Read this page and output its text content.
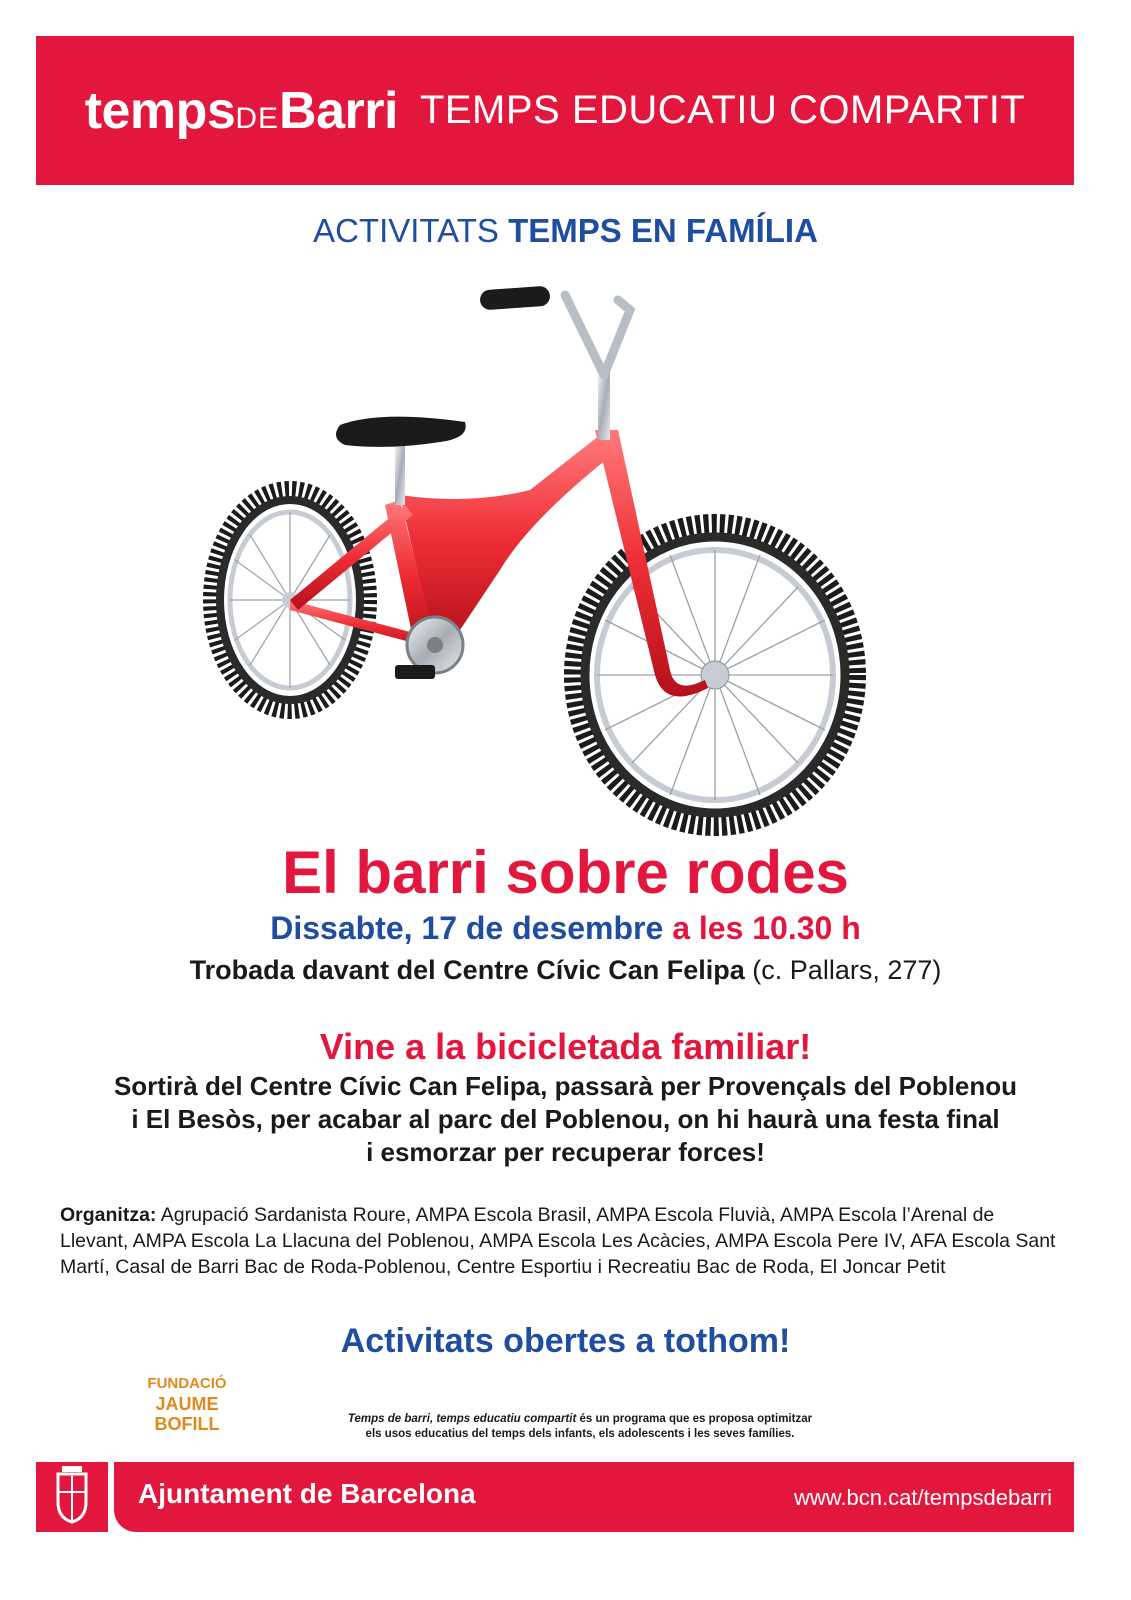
tempsDEBarri TEMPS EDUCATIU COMPARTIT
ACTIVITATS TEMPS EN FAMÍLIA
El barri sobre rodes
Dissabte, 17 de desembre a les 10.30 h
Trobada davant del Centre Cívic Can Felipa (c. Pallars, 277)
Vine a la bicicletada familiar!
Sortirà del Centre Cívic Can Felipa, passarà per Provençals del Poblenou
i El Besòs, per acabar al parc del Poblenou, on hi haurà una festa final
i esmorzar per recuperar forces!
Organitza: Agrupació Sardanista Roure, AMPA Escola Brasil, AMPA Escola Fluvià, AMPA Escola l’Arenal de Llevant, AMPA Escola La Llacuna del Poblenou, AMPA Escola Les Acàcies, AMPA Escola Pere IV, AFA Escola Sant Martí, Casal de Barri Bac de Roda-Poblenou, Centre Esportiu i Recreatiu Bac de Roda, El Joncar Petit
Activitats obertes a tothom!
FUNDACIÓ
JAUME
BOFILL	Temps de barri, temps educatiu compartit és un programa que es proposa optimitzar
els usos educatius del temps dels infants, els adolescents i les seves famílies.
Ajuntament de Barcelona	www.bcn.cat/tempsdebarri
